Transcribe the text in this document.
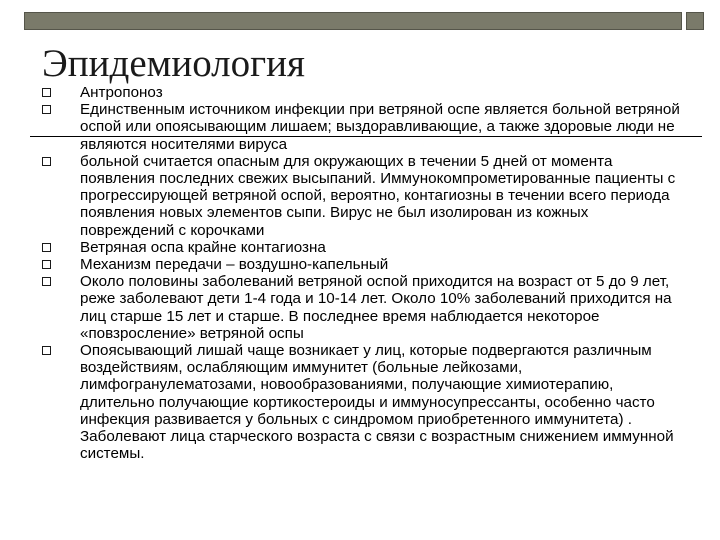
Эпидемиология
Антропоноз
Единственным источником инфекции при ветряной оспе является больной ветряной оспой или опоясывающим лишаем; выздоравливающие, а также здоровые люди не являются носителями вируса
больной считается опасным для окружающих в течении 5 дней от момента появления последних свежих высыпаний. Иммунокомпрометированные пациенты с прогрессирующей ветряной оспой, вероятно, контагиозны в течении всего периода появления новых элементов сыпи. Вирус не был изолирован из кожных повреждений с корочками
Ветряная оспа крайне контагиозна
Механизм передачи – воздушно-капельный
Около половины заболеваний ветряной оспой приходится на возраст от 5 до 9 лет, реже заболевают дети 1-4 года и 10-14 лет. Около 10% заболеваний приходится на лиц старше 15 лет и старше. В последнее время наблюдается некоторое «повзросление» ветряной оспы
Опоясывающий лишай чаще возникает у лиц, которые подвергаются различным воздействиям, ослабляющим иммунитет (больные лейкозами, лимфогранулематозами, новообразованиями, получающие химиотерапию, длительно получающие кортикостероиды и иммуносупрессанты, особенно часто инфекция развивается у больных с синдромом приобретенного иммунитета) . Заболевают лица старческого возраста с связи с возрастным снижением иммунной системы.
